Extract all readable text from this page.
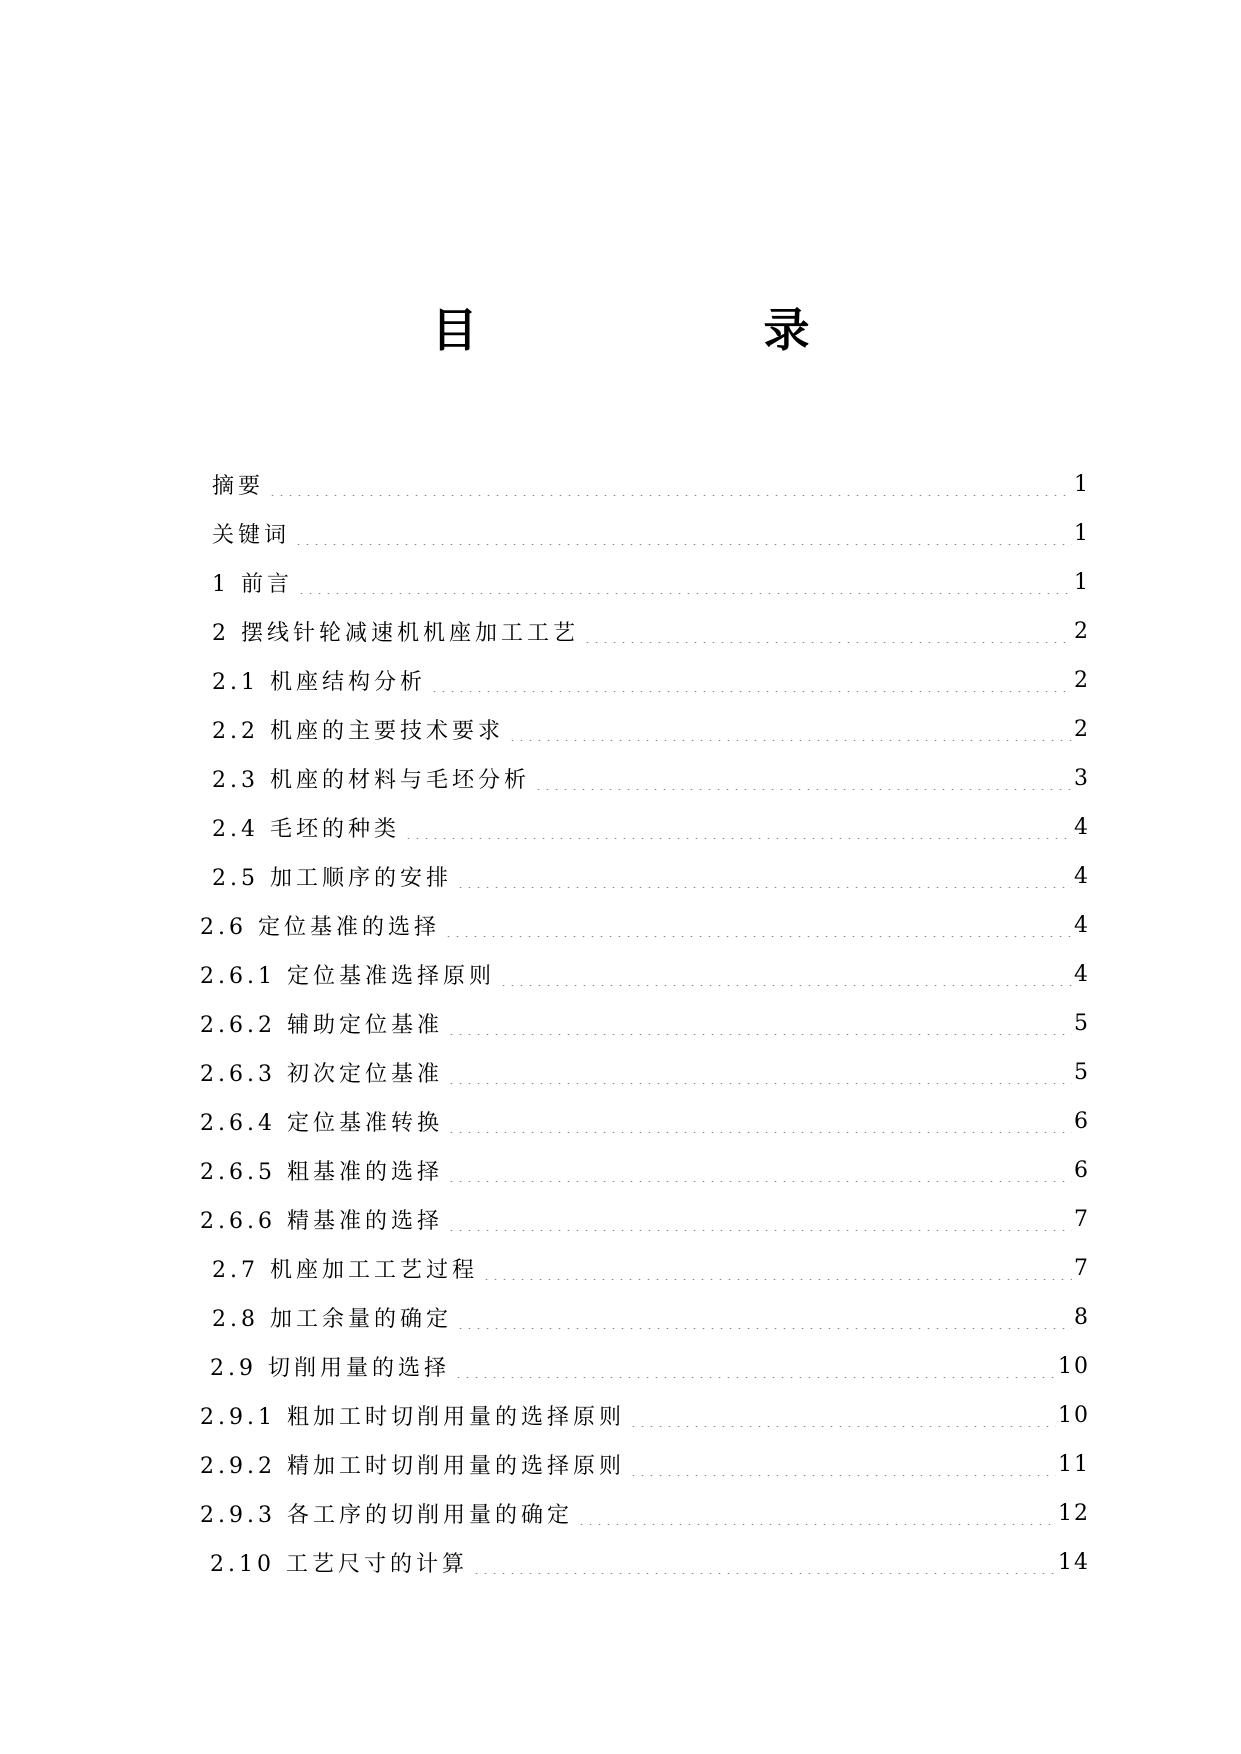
目　录
摘要	1
关键词	1
1 前言	1
2 摆线针轮减速机机座加工工艺	2
2.1 机座结构分析	2
2.2 机座的主要技术要求	2
2.3 机座的材料与毛坯分析	3
2.4 毛坯的种类	4
2.5 加工顺序的安排	4
2.6 定位基准的选择	4
2.6.1 定位基准选择原则	4
2.6.2 辅助定位基准	5
2.6.3 初次定位基准	5
2.6.4 定位基准转换	6
2.6.5 粗基准的选择	6
2.6.6 精基准的选择	7
2.7 机座加工工艺过程	7
2.8 加工余量的确定	8
2.9 切削用量的选择	10
2.9.1 粗加工时切削用量的选择原则	10
2.9.2 精加工时切削用量的选择原则	11
2.9.3 各工序的切削用量的确定	12
2.10 工艺尺寸的计算	14
